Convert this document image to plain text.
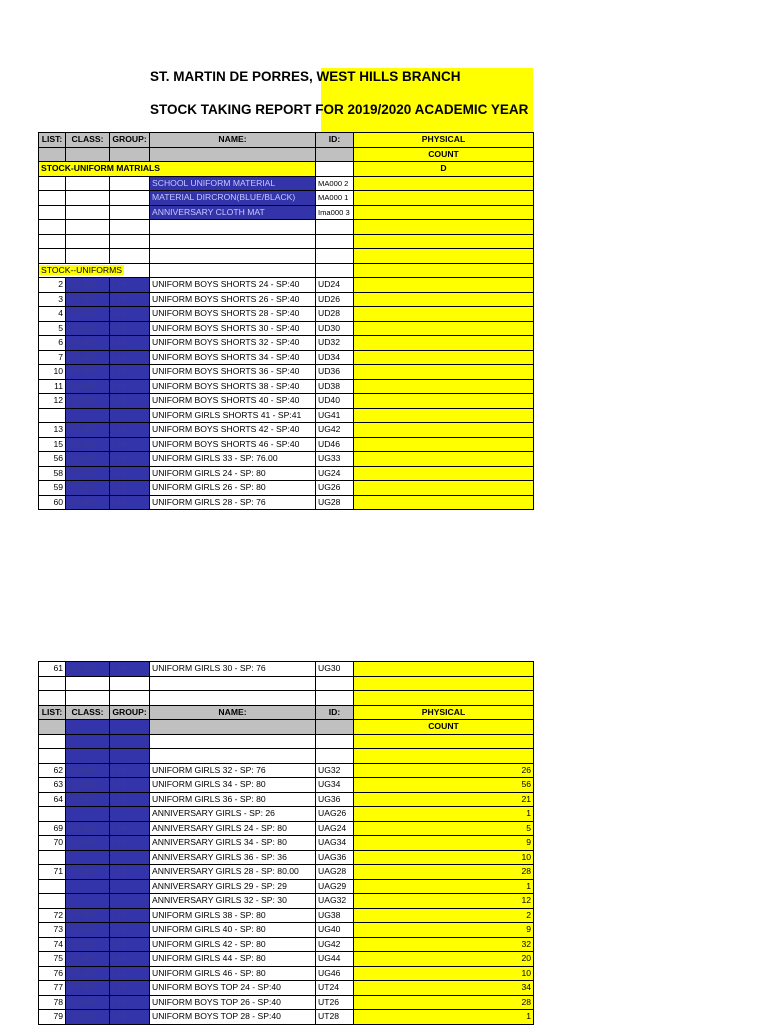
ST. MARTIN DE PORRES, WEST HILLS BRANCH
STOCK TAKING REPORT FOR 2019/2020 ACADEMIC YEAR
LIST:	CLASS:	GROUP:	NAME:	ID:	PHYSICAL
					COUNT
STOCK-UNIFORM MATRIALS					D
			SCHOOL UNIFORM MATERIAL	MA000 2	
			MATERIAL DIRCRON(BLUE/BLACK)	MA000 1	
			ANNIVERSARY CLOTH MAT	Ima000 3	

STOCK--UNIFORMS					
2	STORE	UNI	UNIFORM BOYS SHORTS 24 - SP:40	UD24	
3	STORE	UNI	UNIFORM BOYS SHORTS 26 - SP:40	UD26	
4	STORE	UNI	UNIFORM BOYS SHORTS 28 - SP:40	UD28	
5	STORE	UNI	UNIFORM BOYS SHORTS 30 - SP:40	UD30	
6	STORE	UNI	UNIFORM BOYS SHORTS 32 - SP:40	UD32	
7	STORE	UNI	UNIFORM BOYS SHORTS 34 - SP:40	UD34	
10	STORE	UNI	UNIFORM BOYS SHORTS 36 - SP:40	UD36	
11	STORE	UNI	UNIFORM BOYS SHORTS 38 - SP:40	UD38	
12	STORE	UNI	UNIFORM BOYS SHORTS 40 - SP:40	UD40	
			UNIFORM GIRLS SHORTS 41 - SP:41	UG41	
13	STORE	UNI	UNIFORM BOYS SHORTS 42 - SP:40	UG42	
15	STORE	UNI	UNIFORM BOYS SHORTS 46 - SP:40	UD46	
56	STORE	UNI	UNIFORM GIRLS 33 - SP: 76.00	UG33	
58	STORE	UNI	UNIFORM GIRLS 24 - SP: 80	UG24	
59	STORE	UNI	UNIFORM GIRLS 26 - SP: 80	UG26	
60	STORE	UNI	UNIFORM GIRLS 28 - SP: 76	UG28	
61	STORE	UNI	UNIFORM GIRLS 30 - SP: 76	UG30	

LIST:	CLASS:	GROUP:	NAME:	ID:	PHYSICAL
					COUNT

62	STORE	UNI	UNIFORM GIRLS 32 - SP: 76	UG32	26
63	STORE	UNI	UNIFORM GIRLS 34 - SP: 80	UG34	56
64	STORE	UNI	UNIFORM GIRLS 36 - SP: 80	UG36	21
			ANNIVERSARY GIRLS - SP: 26	UAG26	1
69	STORE	UNI	ANNIVERSARY GIRLS 24 - SP: 80	UAG24	5
70	STORE	UNI	ANNIVERSARY GIRLS 34 - SP: 80	UAG34	9
			ANNIVERSARY GIRLS 36 - SP: 36	UAG36	10
71	STORE	UNI	ANNIVERSARY GIRLS 28 - SP: 80.00	UAG28	28
			ANNIVERSARY GIRLS 29 - SP: 29	UAG29	1
			ANNIVERSARY GIRLS 32 - SP: 30	UAG32	12
72	STORE	UNI	UNIFORM GIRLS 38 - SP: 80	UG38	2
73	STORE	UNI	UNIFORM GIRLS 40 - SP: 80	UG40	9
74	STORE	UNI	UNIFORM GIRLS 42 - SP: 80	UG42	32
75	STORE	UNI	UNIFORM GIRLS 44 - SP: 80	UG44	20
76	STORE	UNI	UNIFORM GIRLS 46 - SP: 80	UG46	10
77	STORE	UNI	UNIFORM BOYS TOP 24 - SP:40	UT24	34
78	STORE	UNI	UNIFORM BOYS TOP 26 - SP:40	UT26	28
79	STORE	UNI	UNIFORM BOYS TOP 28 - SP:40	UT28	1
